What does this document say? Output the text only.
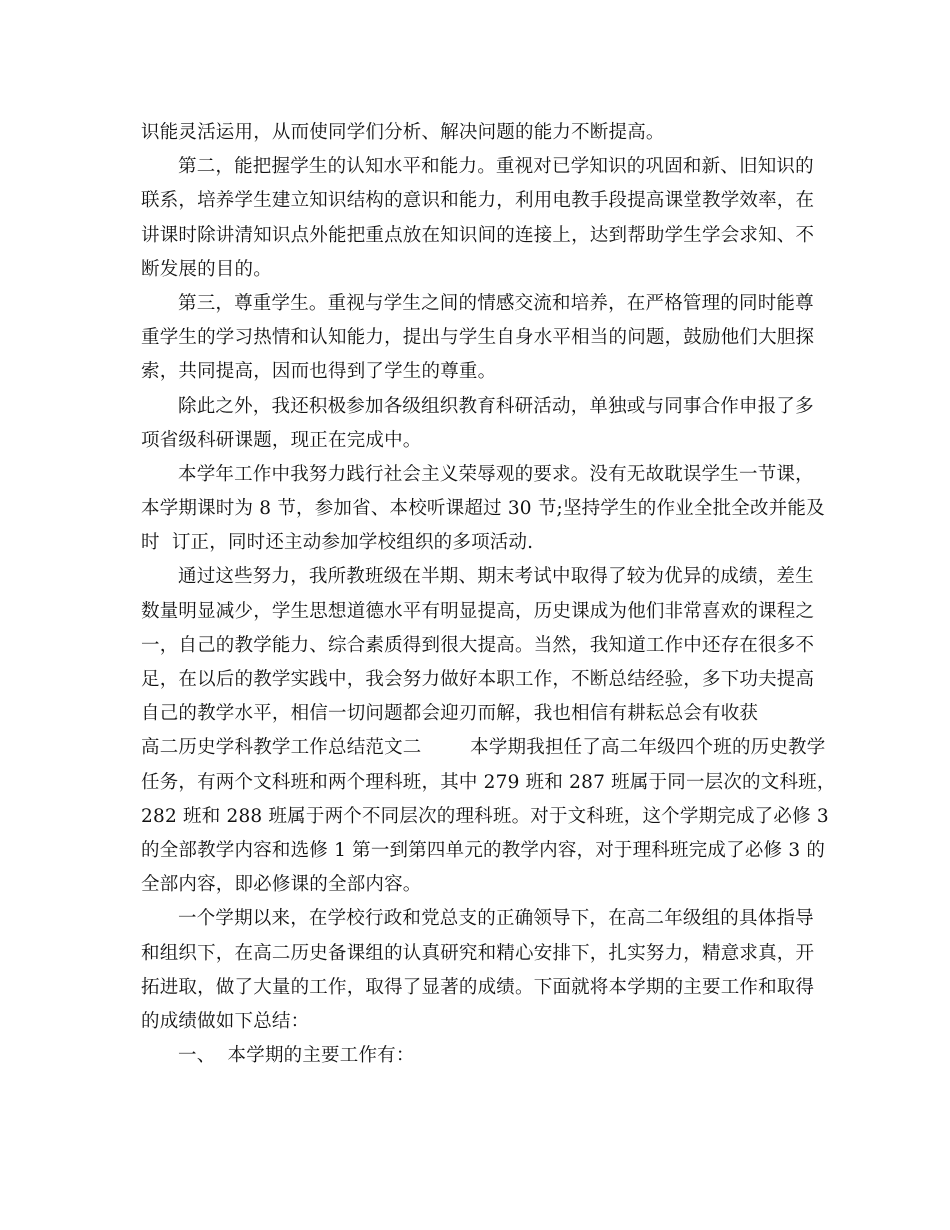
识能灵活运用，从而使同学们分析、解决问题的能力不断提高。
第二，能把握学生的认知水平和能力。重视对已学知识的巩固和新、旧知识的
联系，培养学生建立知识结构的意识和能力，利用电教手段提高课堂教学效率，在
讲课时除讲清知识点外能把重点放在知识间的连接上，达到帮助学生学会求知、不
断发展的目的。
第三，尊重学生。重视与学生之间的情感交流和培养，在严格管理的同时能尊
重学生的学习热情和认知能力，提出与学生自身水平相当的问题，鼓励他们大胆探
索，共同提高，因而也得到了学生的尊重。
除此之外，我还积极参加各级组织教育科研活动，单独或与同事合作申报了多
项省级科研课题，现正在完成中。
本学年工作中我努力践行社会主义荣辱观的要求。没有无故耽误学生一节课，
本学期课时为 8 节，参加省、本校听课超过 30 节;坚持学生的作业全批全改并能及
时  订正，同时还主动参加学校组织的多项活动.
通过这些努力，我所教班级在半期、期末考试中取得了较为优异的成绩，差生
数量明显减少，学生思想道德水平有明显提高，历史课成为他们非常喜欢的课程之
一，自己的教学能力、综合素质得到很大提高。当然，我知道工作中还存在很多不
足，在以后的教学实践中，我会努力做好本职工作，不断总结经验，多下功夫提高
自己的教学水平，相信一切问题都会迎刃而解，我也相信有耕耘总会有收获
高二历史学科教学工作总结范文二        本学期我担任了高二年级四个班的历史教学
任务，有两个文科班和两个理科班，其中 279 班和 287 班属于同一层次的文科班，
282 班和 288 班属于两个不同层次的理科班。对于文科班，这个学期完成了必修 3
的全部教学内容和选修 1 第一到第四单元的教学内容，对于理科班完成了必修 3 的
全部内容，即必修课的全部内容。
一个学期以来，在学校行政和党总支的正确领导下，在高二年级组的具体指导
和组织下，在高二历史备课组的认真研究和精心安排下，扎实努力，精意求真，开
拓进取，做了大量的工作，取得了显著的成绩。下面就将本学期的主要工作和取得
的成绩做如下总结：
一、  本学期的主要工作有：
